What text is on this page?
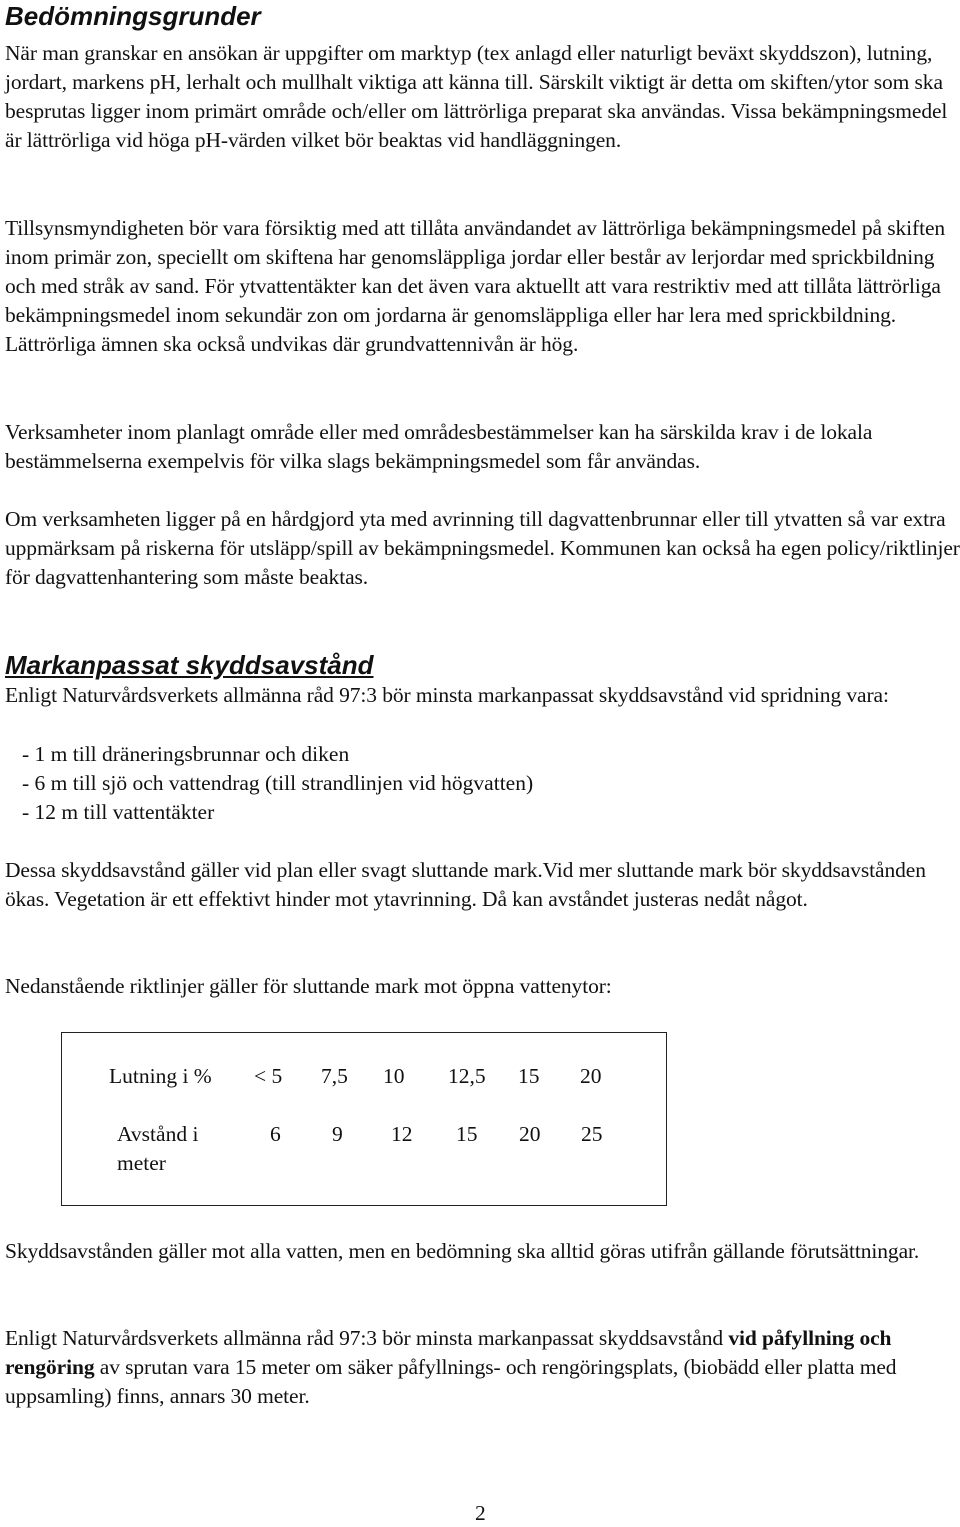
Bedömningsgrunder

När man granskar en ansökan är uppgifter om marktyp (tex anlagd eller naturligt beväxt skyddszon), lutning, jordart, markens pH, lerhalt och mullhalt viktiga att känna till. Särskilt viktigt är detta om skiften/ytor som ska besprutas ligger inom primärt område och/eller om lättrörliga preparat ska användas. Vissa bekämpningsmedel är lättrörliga vid höga pH-värden vilket bör beaktas vid handläggningen.

Tillsynsmyndigheten bör vara försiktig med att tillåta användandet av lättrörliga bekämpningsmedel på skiften inom primär zon, speciellt om skiftena har genomsläppliga jordar eller består av lerjordar med sprickbildning och med stråk av sand. För ytvattentäkter kan det även vara aktuellt att vara restriktiv med att tillåta lättrörliga bekämpningsmedel inom sekundär zon om jordarna är genomsläppliga eller har lera med sprickbildning. Lättrörliga ämnen ska också undvikas där grundvattennivån är hög.

Verksamheter inom planlagt område eller med områdesbestämmelser kan ha särskilda krav i de lokala bestämmelserna exempelvis för vilka slags bekämpningsmedel som får användas.

Om verksamheten ligger på en hårdgjord yta med avrinning till dagvattenbrunnar eller till ytvatten så var extra uppmärksam på riskerna för utsläpp/spill av bekämpningsmedel. Kommunen kan också ha egen policy/riktlinjer för dagvattenhantering som måste beaktas.

Markanpassat skyddsavstånd

Enligt Naturvårdsverkets allmänna råd 97:3 bör minsta markanpassat skyddsavstånd vid spridning vara:

- 1 m till dräneringsbrunnar och diken
- 6 m till sjö och vattendrag (till strandlinjen vid högvatten)
- 12 m till vattentäkter

Dessa skyddsavstånd gäller vid plan eller svagt sluttande mark.Vid mer sluttande mark bör skyddsavstånden ökas. Vegetation är ett effektivt hinder mot ytavrinning. Då kan avståndet justeras nedåt något.

Nedanstående riktlinjer gäller för sluttande mark mot öppna vattenytor:

Lutning i % < 5 7,5 10 12,5 15 20
Avstånd i meter
6 9 12 15 20 25

Skyddsavstånden gäller mot alla vatten, men en bedömning ska alltid göras utifrån gällande förutsättningar.

Enligt Naturvårdsverkets allmänna råd 97:3 bör minsta markanpassat skyddsavstånd vid påfyllning och rengöring av sprutan vara 15 meter om säker påfyllnings- och rengöringsplats, (biobädd eller platta med uppsamling) finns, annars 30 meter.

2
